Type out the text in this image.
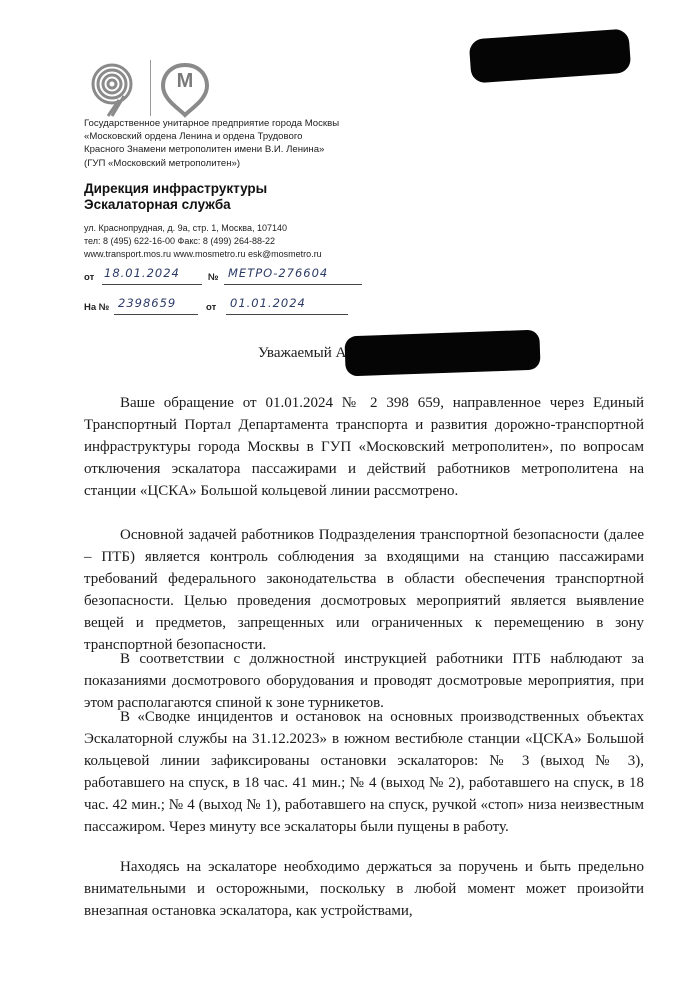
М
Государственное унитарное предприятие города Москвы
«Московский ордена Ленина и ордена Трудового
Красного Знамени метрополитен имени В.И. Ленина»
(ГУП «Московский метрополитен»)
Дирекция инфраструктуры
Эскалаторная служба
ул. Краснопрудная, д. 9а, стр. 1, Москва, 107140
тел: 8 (495) 622-16-00 Факс: 8 (499) 264-88-22
www.transport.mos.ru www.mosmetro.ru esk@mosmetro.ru
от 18.01.2024	№ МЕТРО-276604
На № 2398659	от 01.01.2024
Уважаемый А
Ваше обращение от 01.01.2024 № 2 398 659, направленное через Единый Транспортный Портал Департамента транспорта и развития дорожно-транспортной инфраструктуры города Москвы в ГУП «Московский метрополитен», по вопросам отключения эскалатора пассажирами и действий работников метрополитена на станции «ЦСКА» Большой кольцевой линии рассмотрено.
Основной задачей работников Подразделения транспортной безопасности (далее – ПТБ) является контроль соблюдения за входящими на станцию пассажирами требований федерального законодательства в области обеспечения транспортной безопасности. Целью проведения досмотровых мероприятий является выявление вещей и предметов, запрещенных или ограниченных к перемещению в зону транспортной безопасности.
В соответствии с должностной инструкцией работники ПТБ наблюдают за показаниями досмотрового оборудования и проводят досмотровые мероприятия, при этом располагаются спиной к зоне турникетов.
В «Сводке инцидентов и остановок на основных производственных объектах Эскалаторной службы на 31.12.2023» в южном вестибюле станции «ЦСКА» Большой кольцевой линии зафиксированы остановки эскалаторов: № 3 (выход № 3), работавшего на спуск, в 18 час. 41 мин.; № 4 (выход № 2), работавшего на спуск, в 18 час. 42 мин.; № 4 (выход № 1), работавшего на спуск, ручкой «стоп» низа неизвестным пассажиром. Через минуту все эскалаторы были пущены в работу.
Находясь на эскалаторе необходимо держаться за поручень и быть предельно внимательными и осторожными, поскольку в любой момент может произойти внезапная остановка эскалатора, как устройствами,
